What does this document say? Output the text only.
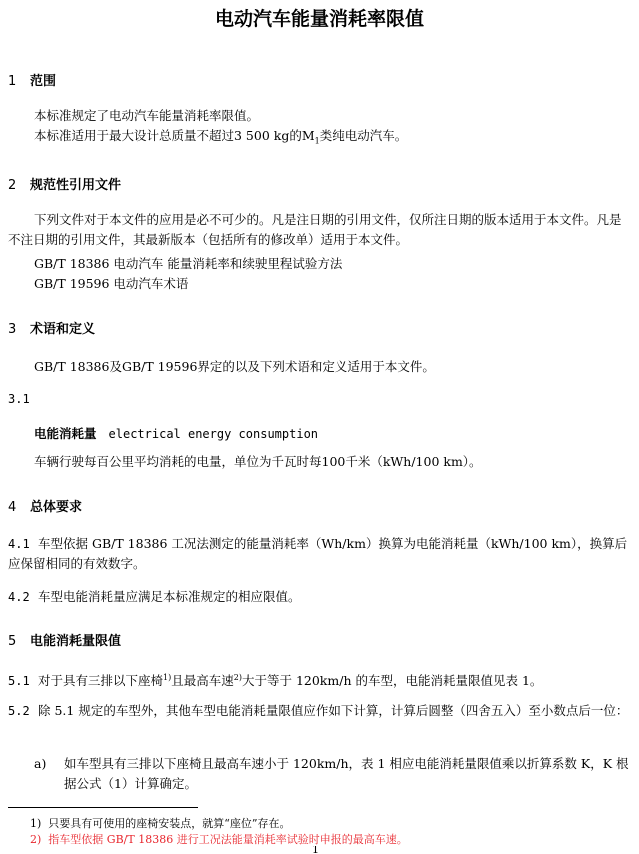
电动汽车能量消耗率限值
1 范围
本标准规定了电动汽车能量消耗率限值。
本标准适用于最大设计总质量不超过3 500 kg的$M_1$类纯电动汽车。
2 规范性引用文件
下列文件对于本文件的应用是必不可少的。凡是注日期的引用文件，仅所注日期的版本适用于本文件。凡是不注日期的引用文件，其最新版本（包括所有的修改单）适用于本文件。
GB/T 18386 电动汽车 能量消耗率和续驶里程试验方法
GB/T 19596 电动汽车术语
3 术语和定义
GB/T 18386及GB/T 19596界定的以及下列术语和定义适用于本文件。
3.1
电能消耗量 electrical energy consumption
车辆行驶每百公里平均消耗的电量，单位为千瓦时每100千米（kWh/100 km）。
4 总体要求
4.1 车型依据 GB/T 18386 工况法测定的能量消耗率（Wh/km）换算为电能消耗量（kWh/100 km），换算后应保留相同的有效数字。
4.2 车型电能消耗量应满足本标准规定的相应限值。
5 电能消耗量限值
5.1 对于具有三排以下座椅$^{1)}$且最高车速$^{2)}$大于等于 120km/h 的车型，电能消耗量限值见表 1。
5.2 除 5.1 规定的车型外，其他车型电能消耗量限值应作如下计算，计算后圆整（四舍五入）至小数点后一位：
a) 如车型具有三排以下座椅且最高车速小于 120km/h，表 1 相应电能消耗量限值乘以折算系数 K，K 根据公式（1）计算确定。
1) 只要具有可使用的座椅安装点，就算“座位”存在。
2) 指车型依据 GB/T 18386 进行工况法能量消耗率试验时申报的最高车速。
1
